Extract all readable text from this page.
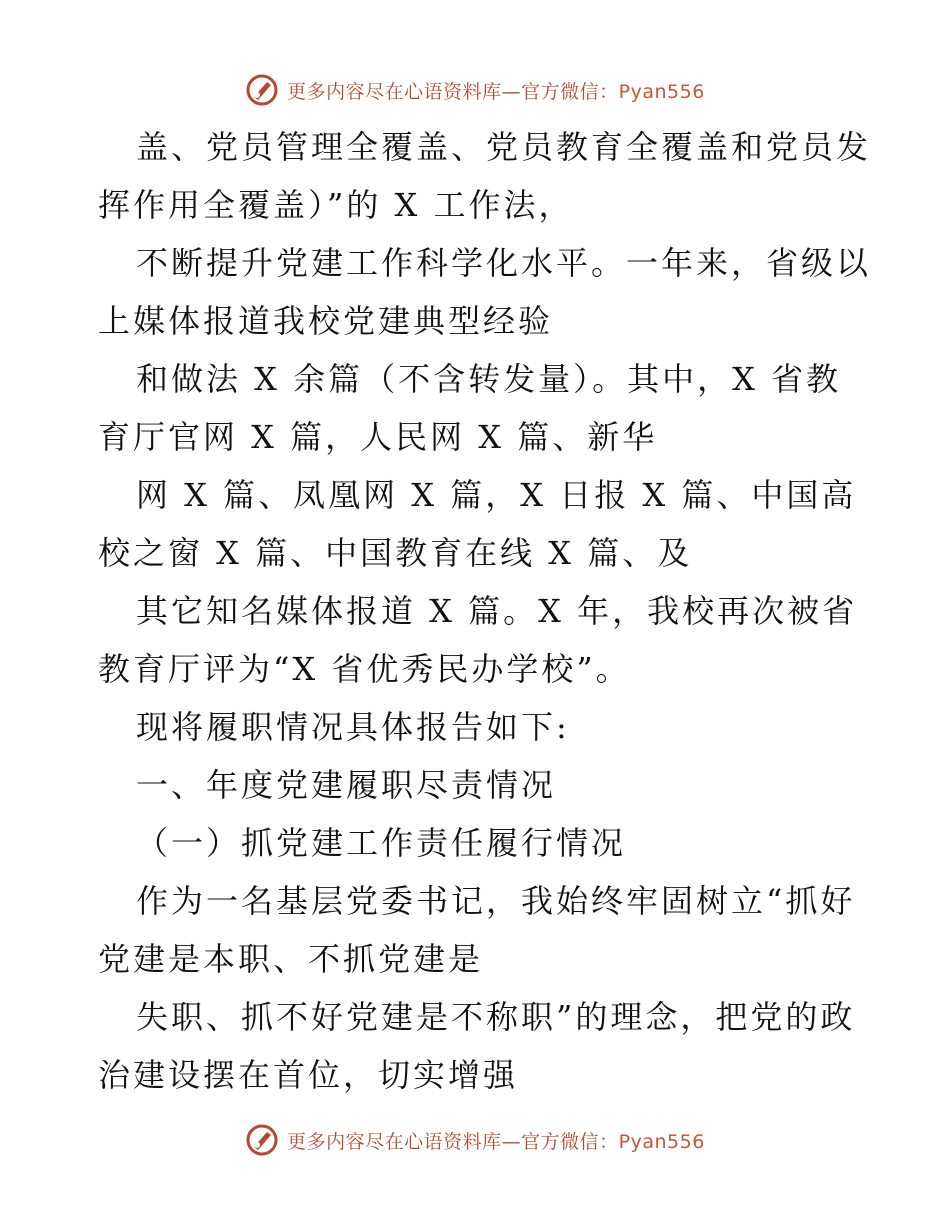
更多内容尽在心语资料库—官方微信：Pyan556
盖、党员管理全覆盖、党员教育全覆盖和党员发
挥作用全覆盖）”的 X 工作法，
不断提升党建工作科学化水平。一年来，省级以
上媒体报道我校党建典型经验
和做法 X 余篇（不含转发量）。其中，X 省教
育厅官网 X 篇，人民网 X 篇、新华
网 X 篇、凤凰网 X 篇，X 日报 X 篇、中国高
校之窗 X 篇、中国教育在线 X 篇、及
其它知名媒体报道 X 篇。X 年，我校再次被省
教育厅评为“X 省优秀民办学校”。
现将履职情况具体报告如下:
一、年度党建履职尽责情况
（一）抓党建工作责任履行情况
作为一名基层党委书记，我始终牢固树立“抓好
党建是本职、不抓党建是
失职、抓不好党建是不称职”的理念，把党的政
治建设摆在首位，切实增强
更多内容尽在心语资料库—官方微信：Pyan556
